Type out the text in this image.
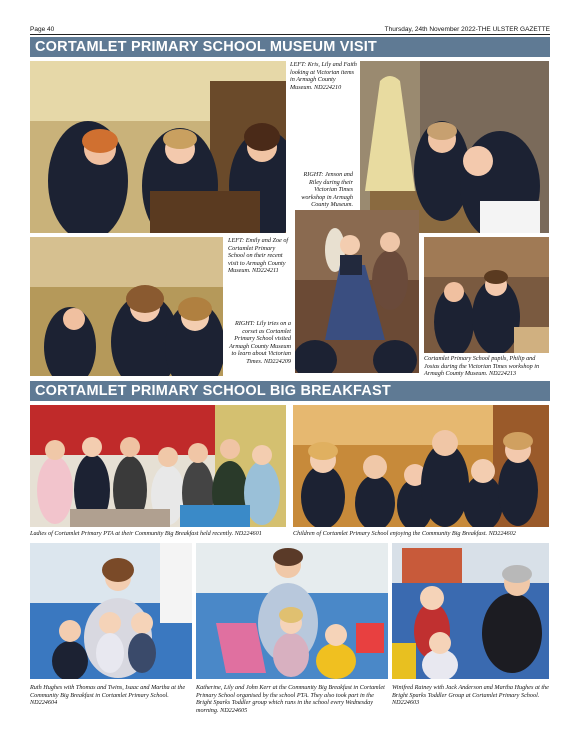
Page 40	Thursday, 24th November 2022-THE ULSTER GAZETTE
CORTAMLET PRIMARY SCHOOL MUSEUM VISIT
LEFT: Kris, Lily and Faith looking at Victorian items in Armagh County Museum. ND224210
RIGHT: Jenson and Riley during their Victorian Times workshop in Armagh County Museum.
LEFT: Emily and Zoe of Cortamlet Primary School on their recent visit to Armagh County Museum. ND224211
RIGHT: Lily tries on a corset as Cortamlet Primary School visited Armagh County Museum to learn about Victorian Times. ND224209	Cortamlet Primary School pupils, Philip and Josias during the Victorian Times workshop in Armagh County Museum. ND224213
CORTAMLET PRIMARY SCHOOL BIG BREAKFAST
Ladies of Cortamlet Primary PTA at their Community Big Breakfast held recently. ND224601	Children of Cortamlet Primary School enjoying the Community Big Breakfast. ND224602
Ruth Hughes with Thomas and Twins, Isaac and Martha at the Community Big Breakfast in Cortamlet Primary School. ND224604
Katherine, Lily and John Kerr at the Community Big Breakfast in Cortamlet Primary School organised by the school PTA. They also took part in the Bright Sparks Toddler group which runs in the school every Wednesday morning. ND224605
Winifred Rainey with Jack Anderson and Martha Hughes at the Bright Sparks Toddler Group at Cortamlet Primary School. ND224603
